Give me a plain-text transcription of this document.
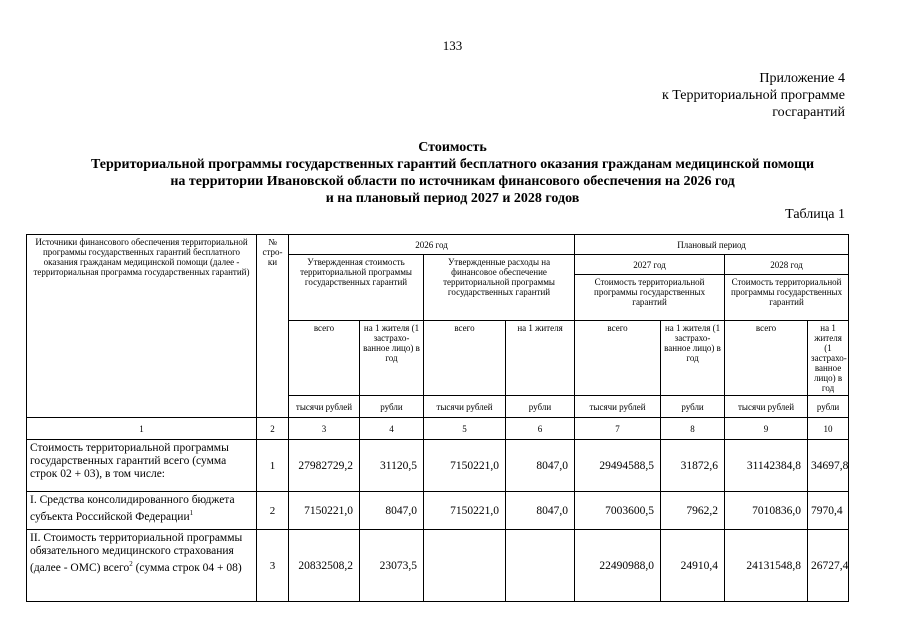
133
Приложение 4
к Территориальной программе
госгарантий
Стоимость
Территориальной программы государственных гарантий бесплатного оказания гражданам медицинской помощи
на территории Ивановской области по источникам финансового обеспечения на 2026 год
и на плановый период 2027 и 2028 годов
Таблица 1
Источники финансового обеспечения территориальной программы государственных гарантий бесплатного оказания гражданам медицинской помощи (далее - территориальная программа государственных гарантий)	№ стро-ки	2026 год				Плановый период			
		Утвержденная стоимость территориальной программы государственных гарантий		Утвержденные расходы на финансовое обеспечение территориальной программы государственных гарантий		2027 год		2028 год	
						Стоимость территориальной программы государственных гарантий		Стоимость территориальной программы государственных гарантий	
		всего	на 1 жителя (1 застрахо-ванное лицо) в год	всего	на 1 жителя	всего	на 1 жителя (1 застрахо-ванное лицо) в год	всего	на 1 жителя (1 застрахо-ванное лицо) в год
		тысячи рублей	рубли	тысячи рублей	рубли	тысячи рублей	рубли	тысячи рублей	рубли
1	2	3	4	5	6	7	8	9	10
Стоимость территориальной программы государственных гарантий всего (сумма строк 02 + 03), в том числе:	1	27982729,2	31120,5	7150221,0	8047,0	29494588,5	31872,6	31142384,8	34697,8
I. Средства консолидированного бюджета субъекта Российской Федерации$^1$	2	7150221,0	8047,0	7150221,0	8047,0	7003600,5	7962,2	7010836,0	7970,4
II. Стоимость территориальной программы обязательного медицинского страхования (далее - ОМС) всего$^2$ (сумма строк 04 + 08)	3	20832508,2	23073,5			22490988,0	24910,4	24131548,8	26727,4
